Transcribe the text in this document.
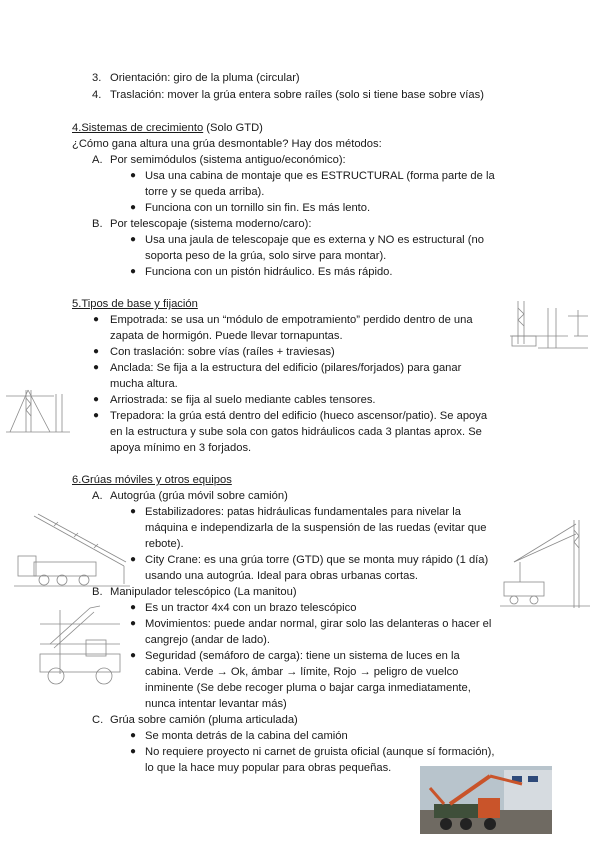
3. Orientación: giro de la pluma (circular)
4. Traslación: mover la grúa entera sobre raíles (solo si tiene base sobre vías)
4.Sistemas de crecimiento (Solo GTD)
¿Cómo gana altura una grúa desmontable? Hay dos métodos:
A. Por semimódulos (sistema antiguo/económico):
● Usa una cabina de montaje que es ESTRUCTURAL (forma parte de la
torre y se queda arriba).
● Funciona con un tornillo sin fin. Es más lento.
B. Por telescopaje (sistema moderno/caro):
● Usa una jaula de telescopaje que es externa y NO es estructural (no
soporta peso de la grúa, solo sirve para montar).
● Funciona con un pistón hidráulico. Es más rápido.
5.Tipos de base y fijación
● Empotrada: se usa un “módulo de empotramiento” perdido dentro de una
zapata de hormigón. Puede llevar tornapuntas.
● Con traslación: sobre vías (raíles + traviesas)
● Anclada: Se fija a la estructura del edificio (pilares/forjados) para ganar
mucha altura.
● Arriostrada: se fija al suelo mediante cables tensores.
● Trepadora: la grúa está dentro del edificio (hueco ascensor/patio). Se apoya
en la estructura y sube sola con gatos hidráulicos cada 3 plantas aprox. Se
apoya mínimo en 3 forjados.
6.Grúas móviles y otros equipos
A. Autogrúa (grúa móvil sobre camión)
● Estabilizadores: patas hidráulicas fundamentales para nivelar la
máquina e independizarla de la suspensión de las ruedas (evitar que
rebote).
● City Crane: es una grúa torre (GTD) que se monta muy rápido (1 día)
usando una autogrúa. Ideal para obras urbanas cortas.
B. Manipulador telescópico (La manitou)
● Es un tractor 4x4 con un brazo telescópico
● Movimientos: puede andar normal, girar solo las delanteras o hacer el
cangrejo (andar de lado).
● Seguridad (semáforo de carga): tiene un sistema de luces en la
cabina. Verde → Ok, ámbar → límite, Rojo → peligro de vuelco
inminente (Se debe recoger pluma o bajar carga inmediatamente,
nunca intentar levantar más)
C. Grúa sobre camión (pluma articulada)
● Se monta detrás de la cabina del camión
● No requiere proyecto ni carnet de gruista oficial (aunque sí formación),
lo que la hace muy popular para obras pequeñas.
